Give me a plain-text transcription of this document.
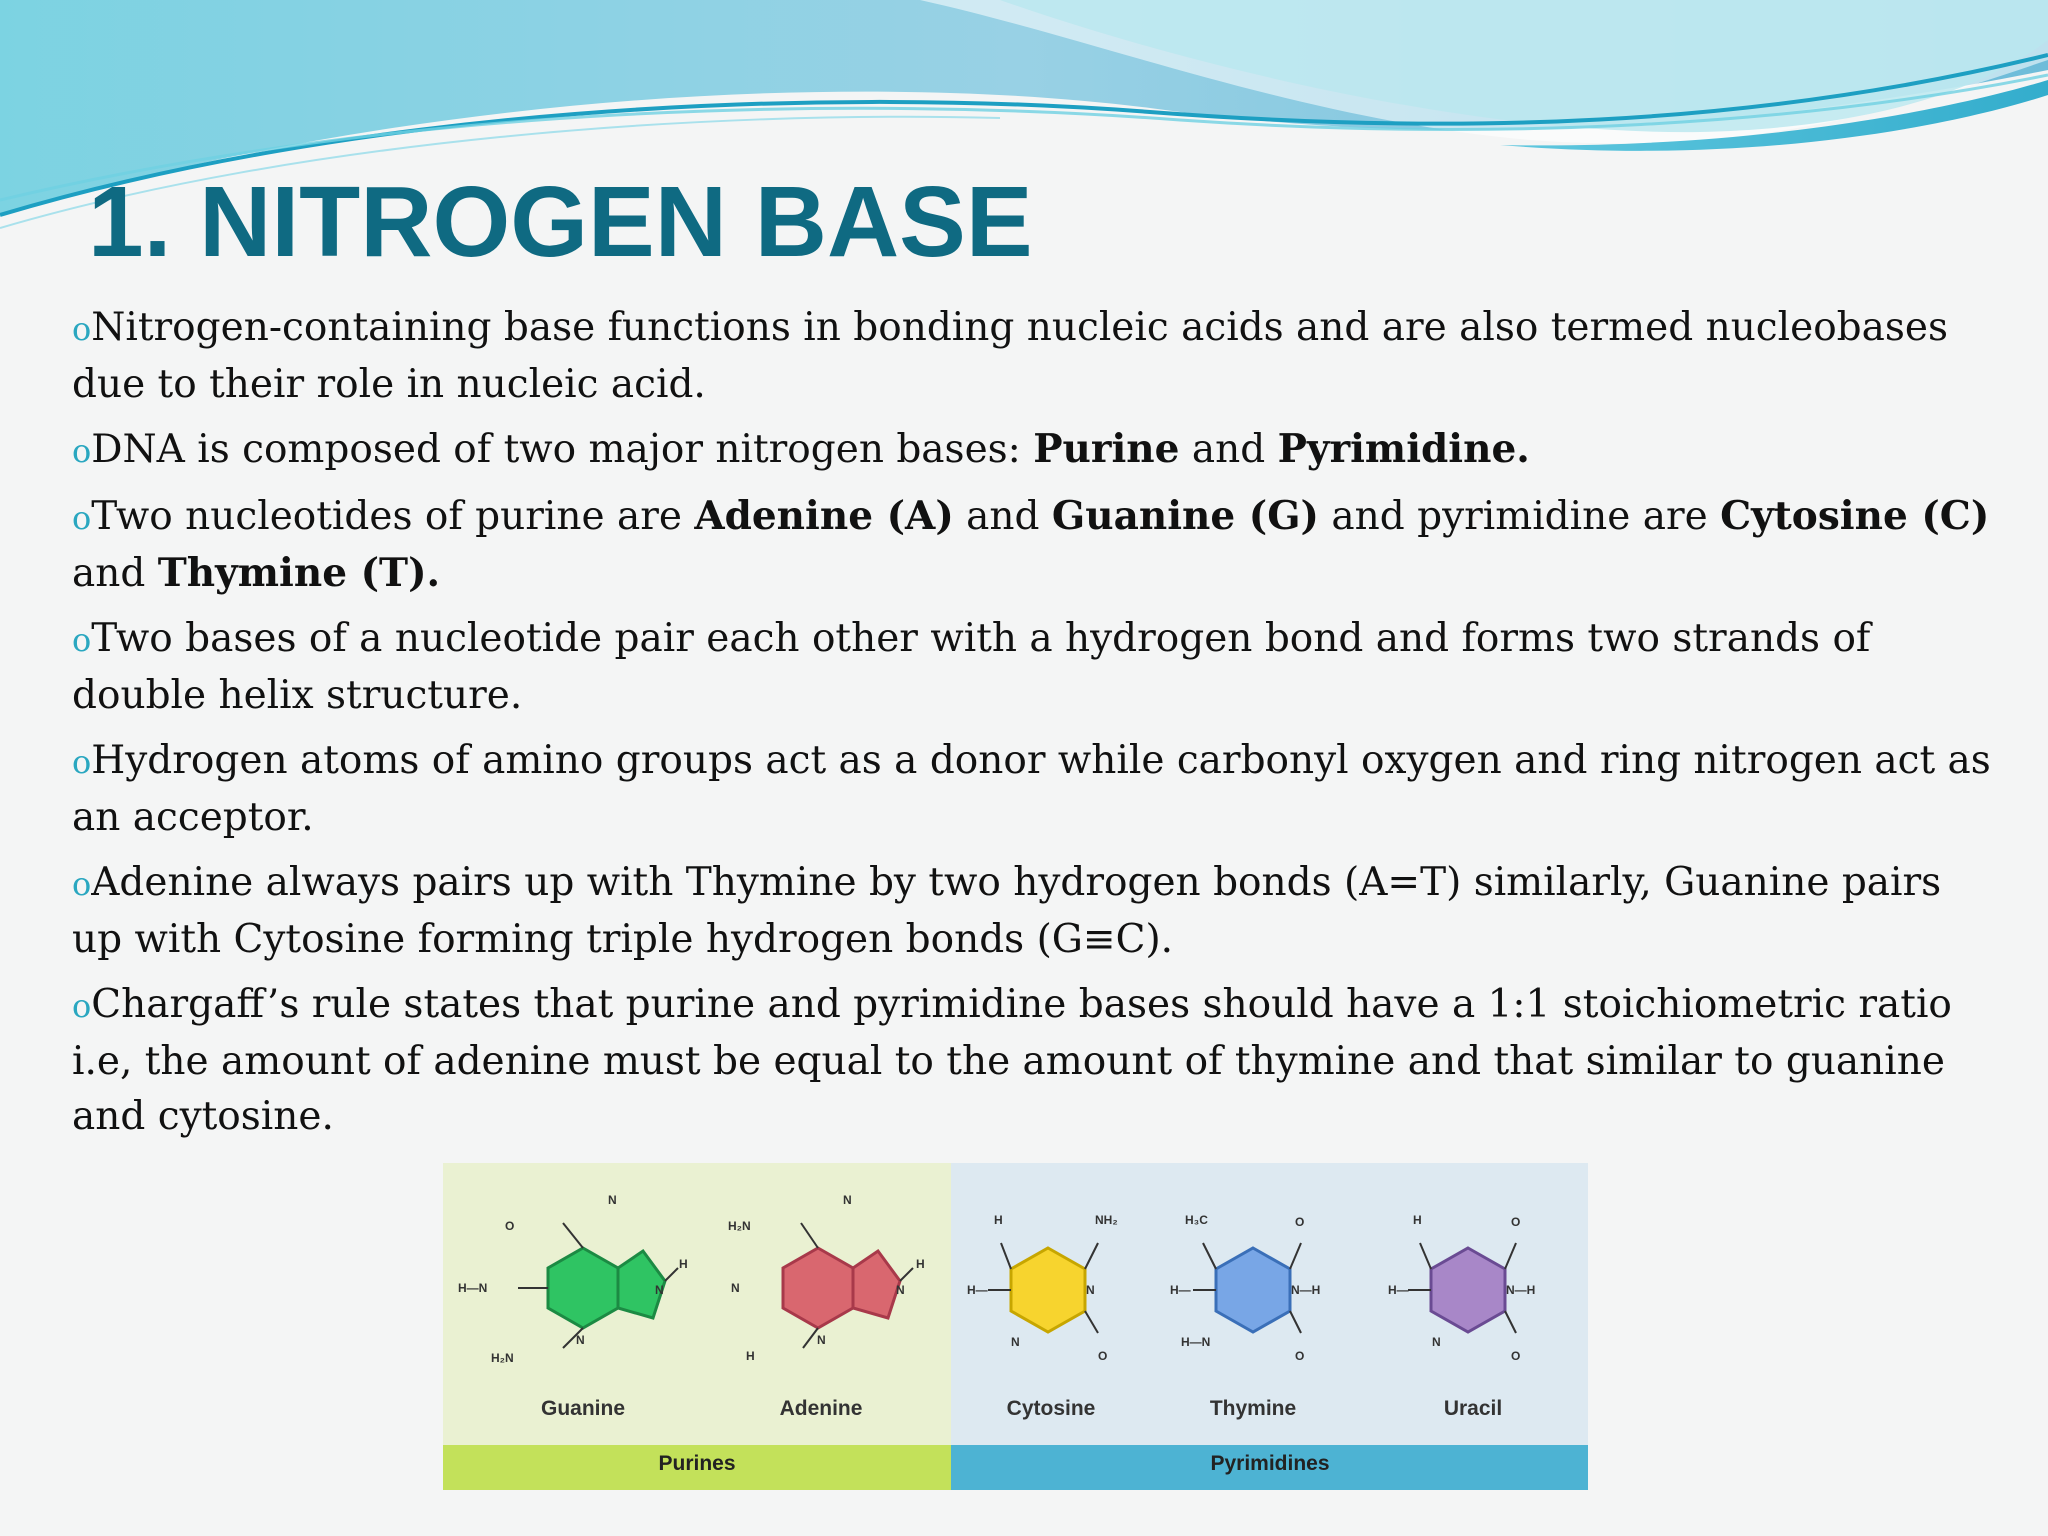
1. NITROGEN BASE
oNitrogen-containing base functions in bonding nucleic acids and are also termed nucleobases due to their role in nucleic acid.
oDNA is composed of two major nitrogen bases: Purine and Pyrimidine.
oTwo nucleotides of purine are Adenine (A) and Guanine (G) and pyrimidine are Cytosine (C) and Thymine (T).
oTwo bases of a nucleotide pair each other with a hydrogen bond and forms two strands of double helix structure.
oHydrogen atoms of amino groups act as a donor while carbonyl oxygen and ring nitrogen act as an acceptor.
oAdenine always pairs up with Thymine by two hydrogen bonds (A=T) similarly, Guanine pairs up with Cytosine forming triple hydrogen bonds (G≡C).
oChargaff’s rule states that purine and pyrimidine bases should have a 1:1 stoichiometric ratio i.e, the amount of adenine must be equal to the amount of thymine and that similar to guanine and cytosine.
O
N
H
H—N	N
N
H₂N
H₂N
N
H
N	N
N
H
H	NH₂
H—	N
N
O
H₃C	O
H—	N—H
H—N
O
H	O
H—	N—H
N
O
Guanine	Adenine	Cytosine	Thymine	Uracil
Purines	Pyrimidines
